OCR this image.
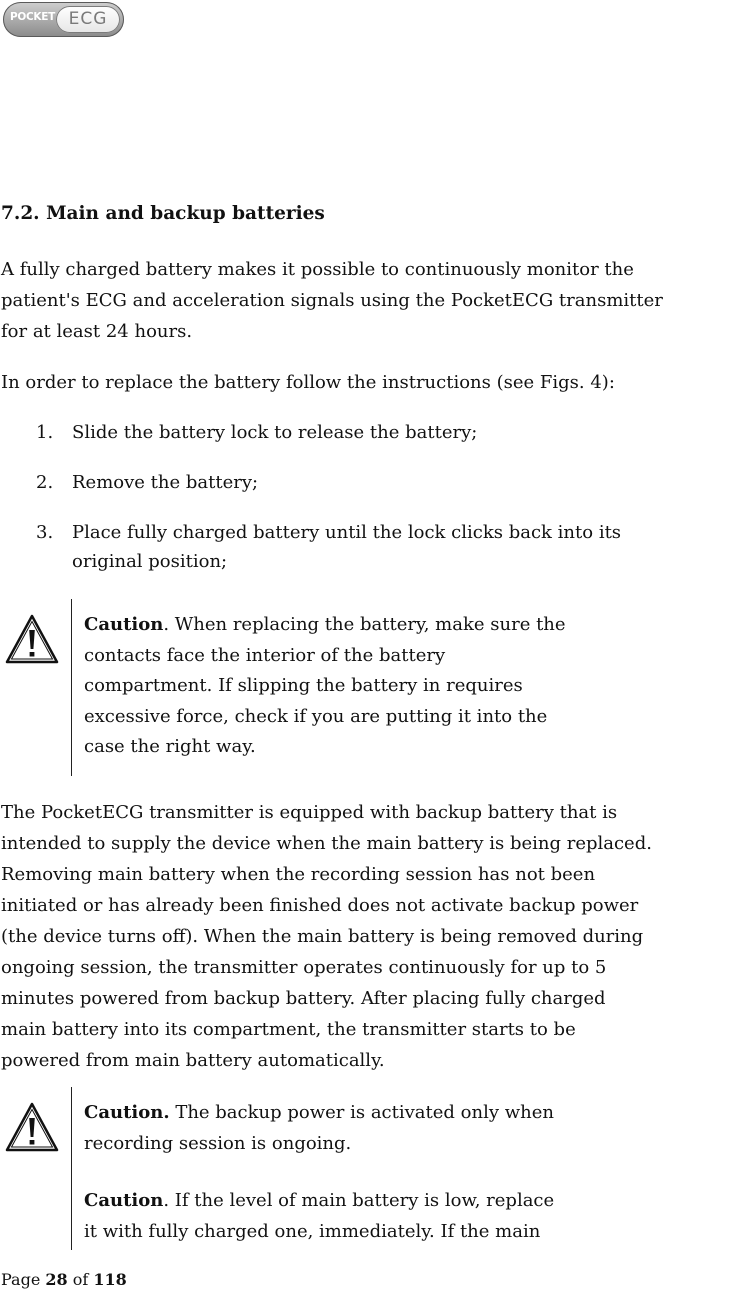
POCKET ECG
7.2. Main and backup batteries

A fully charged battery makes it possible to continuously monitor the
patient's ECG and acceleration signals using the PocketECG transmitter
for at least 24 hours.

In order to replace the battery follow the instructions (see Figs. 4):

1. Slide the battery lock to release the battery;
2. Remove the battery;
3. Place fully charged battery until the lock clicks back into its
original position;

Caution. When replacing the battery, make sure the
contacts face the interior of the battery
compartment. If slipping the battery in requires
excessive force, check if you are putting it into the
case the right way.

The PocketECG transmitter is equipped with backup battery that is
intended to supply the device when the main battery is being replaced.
Removing main battery when the recording session has not been
initiated or has already been finished does not activate backup power
(the device turns off). When the main battery is being removed during
ongoing session, the transmitter operates continuously for up to 5
minutes powered from backup battery. After placing fully charged
main battery into its compartment, the transmitter starts to be
powered from main battery automatically.

Caution. The backup power is activated only when
recording session is ongoing.

Caution. If the level of main battery is low, replace
it with fully charged one, immediately. If the main

Page 28 of 118
